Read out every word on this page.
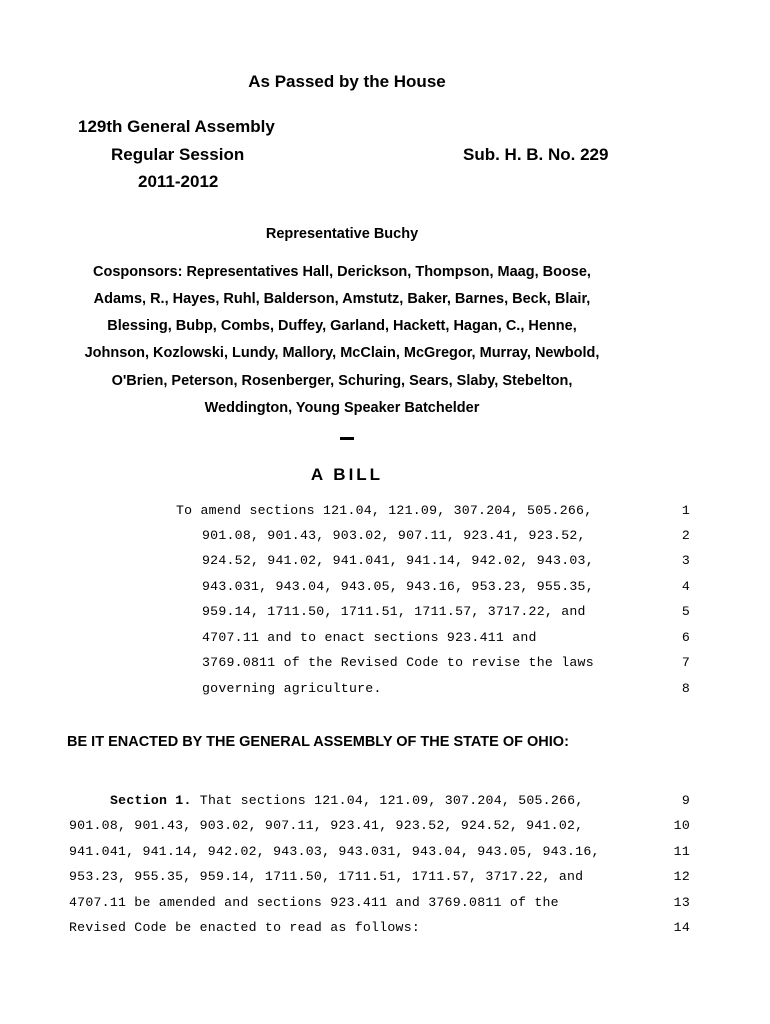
As Passed by the House
129th General Assembly
Regular Session
2011-2012
Sub. H. B. No. 229
Representative Buchy
Cosponsors: Representatives Hall, Derickson, Thompson, Maag, Boose,
Adams, R., Hayes, Ruhl, Balderson, Amstutz, Baker, Barnes, Beck, Blair,
Blessing, Bubp, Combs, Duffey, Garland, Hackett, Hagan, C., Henne,
Johnson, Kozlowski, Lundy, Mallory, McClain, McGregor, Murray, Newbold,
O'Brien, Peterson, Rosenberger, Schuring, Sears, Slaby, Stebelton,
Weddington, Young Speaker Batchelder
A BILL
To amend sections 121.04, 121.09, 307.204, 505.266,	1
901.08, 901.43, 903.02, 907.11, 923.41, 923.52,	2
924.52, 941.02, 941.041, 941.14, 942.02, 943.03,	3
943.031, 943.04, 943.05, 943.16, 953.23, 955.35,	4
959.14, 1711.50, 1711.51, 1711.57, 3717.22, and	5
4707.11 and to enact sections 923.411 and	6
3769.0811 of the Revised Code to revise the laws	7
governing agriculture.	8
BE IT ENACTED BY THE GENERAL ASSEMBLY OF THE STATE OF OHIO:
Section 1. That sections 121.04, 121.09, 307.204, 505.266,	9
901.08, 901.43, 903.02, 907.11, 923.41, 923.52, 924.52, 941.02,	10
941.041, 941.14, 942.02, 943.03, 943.031, 943.04, 943.05, 943.16,	11
953.23, 955.35, 959.14, 1711.50, 1711.51, 1711.57, 3717.22, and	12
4707.11 be amended and sections 923.411 and 3769.0811 of the	13
Revised Code be enacted to read as follows:	14
